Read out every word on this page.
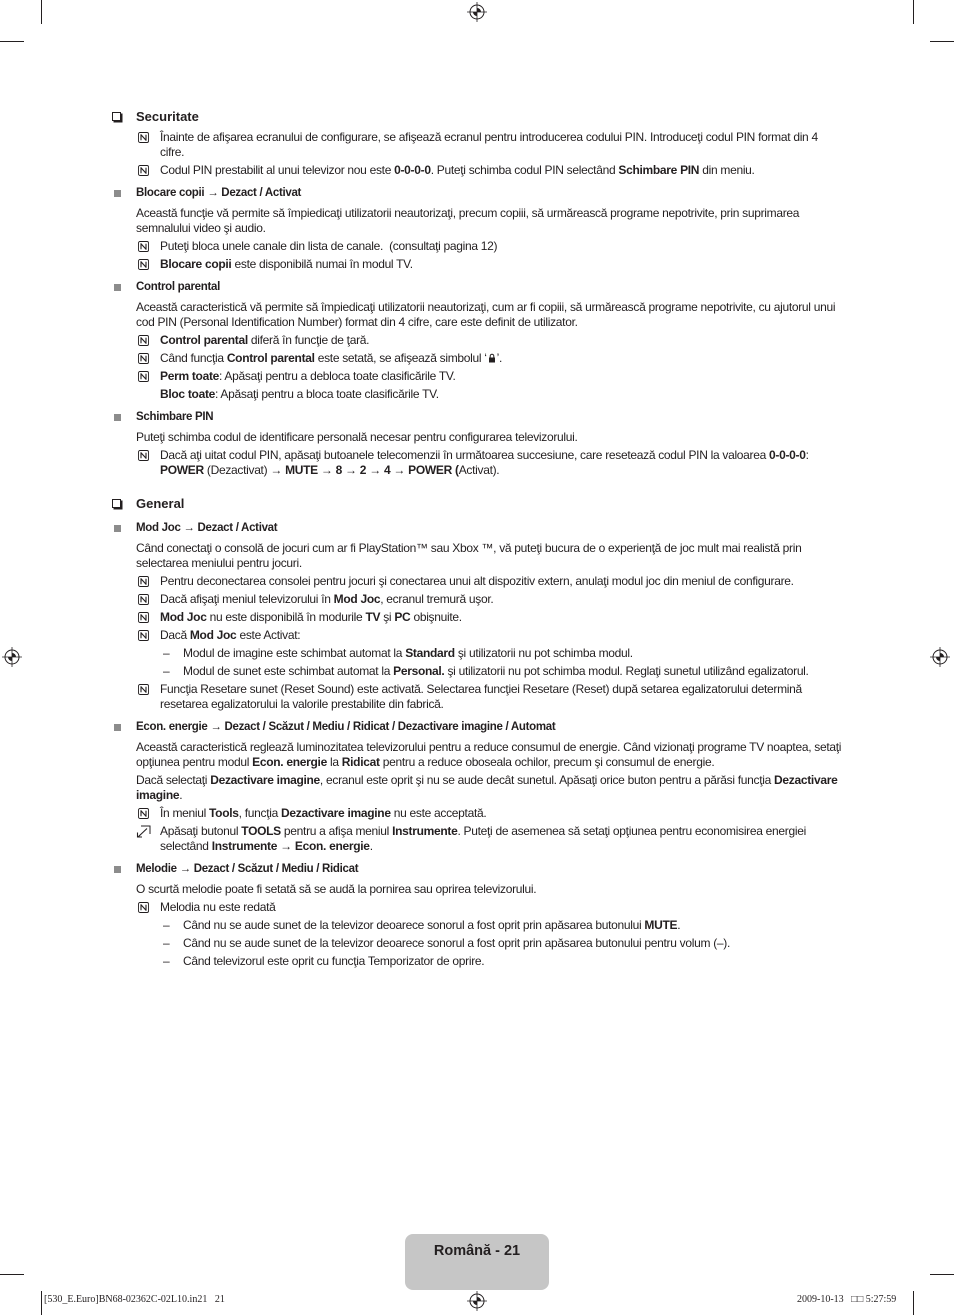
Securitate
Înainte de afişarea ecranului de configurare, se afişează ecranul pentru introducerea codului PIN. Introduceţi codul PIN format din 4 cifre.
Codul PIN prestabilit al unui televizor nou este 0-0-0-0. Puteţi schimba codul PIN selectând Schimbare PIN din meniu.
Blocare copii → Dezact / Activat
Această funcţie vă permite să împiedicaţi utilizatorii neautorizaţi, precum copiii, să urmărească programe nepotrivite, prin suprimarea semnalului video şi audio.
Puteţi bloca unele canale din lista de canale.  (consultaţi pagina 12)
Blocare copii este disponibilă numai în modul TV.
Control parental
Această caracteristică vă permite să împiedicaţi utilizatorii neautorizaţi, cum ar fi copiii, să urmărească programe nepotrivite, cu ajutorul unui cod PIN (Personal Identification Number) format din 4 cifre, care este definit de utilizator.
Control parental diferă în funcţie de ţară.
Când funcţia Control parental este setată, se afişează simbolul ‘ ’.
Perm toate: Apăsaţi pentru a debloca toate clasificările TV.
Bloc toate: Apăsaţi pentru a bloca toate clasificările TV.
Schimbare PIN
Puteţi schimba codul de identificare personală necesar pentru configurarea televizorului.
Dacă aţi uitat codul PIN, apăsaţi butoanele telecomenzii în următoarea succesiune, care resetează codul PIN la valoarea 0-0-0-0: POWER (Dezactivat) → MUTE → 8 → 2 → 4 → POWER (Activat).
General
Mod Joc → Dezact / Activat
Când conectaţi o consolă de jocuri cum ar fi PlayStation™ sau Xbox ™, vă puteţi bucura de o experienţă de joc mult mai realistă prin selectarea meniului pentru jocuri.
Pentru deconectarea consolei pentru jocuri şi conectarea unui alt dispozitiv extern, anulaţi modul joc din meniul de configurare.
Dacă afişaţi meniul televizorului în Mod Joc, ecranul tremură uşor.
Mod Joc nu este disponibilă în modurile TV şi PC obişnuite.
Dacă Mod Joc este Activat:
– Modul de imagine este schimbat automat la Standard şi utilizatorii nu pot schimba modul.
– Modul de sunet este schimbat automat la Personal. şi utilizatorii nu pot schimba modul. Reglaţi sunetul utilizând egalizatorul.
Funcţia Resetare sunet (Reset Sound) este activată. Selectarea funcţiei Resetare (Reset) după setarea egalizatorului determină resetarea egalizatorului la valorile prestabilite din fabrică.
Econ. energie → Dezact / Scăzut / Mediu / Ridicat / Dezactivare imagine / Automat
Această caracteristică reglează luminozitatea televizorului pentru a reduce consumul de energie. Când vizionaţi programe TV noaptea, setaţi opţiunea pentru modul Econ. energie la Ridicat pentru a reduce oboseala ochilor, precum şi consumul de energie.
Dacă selectaţi Dezactivare imagine, ecranul este oprit şi nu se aude decât sunetul. Apăsaţi orice buton pentru a părăsi funcţia Dezactivare imagine.
În meniul Tools, funcţia Dezactivare imagine nu este acceptată.
Apăsaţi butonul TOOLS pentru a afişa meniul Instrumente. Puteţi de asemenea să setaţi opţiunea pentru economisirea energiei selectând Instrumente → Econ. energie.
Melodie → Dezact / Scăzut / Mediu / Ridicat
O scurtă melodie poate fi setată să se audă la pornirea sau oprirea televizorului.
Melodia nu este redată
– Când nu se aude sunet de la televizor deoarece sonorul a fost oprit prin apăsarea butonului MUTE.
– Când nu se aude sunet de la televizor deoarece sonorul a fost oprit prin apăsarea butonului pentru volum (–).
– Când televizorul este oprit cu funcţia Temporizator de oprire.
Română - 21
[530_E.Euro]BN68-02362C-02L10.in21   21	2009-10-13   □□ 5:27:59
